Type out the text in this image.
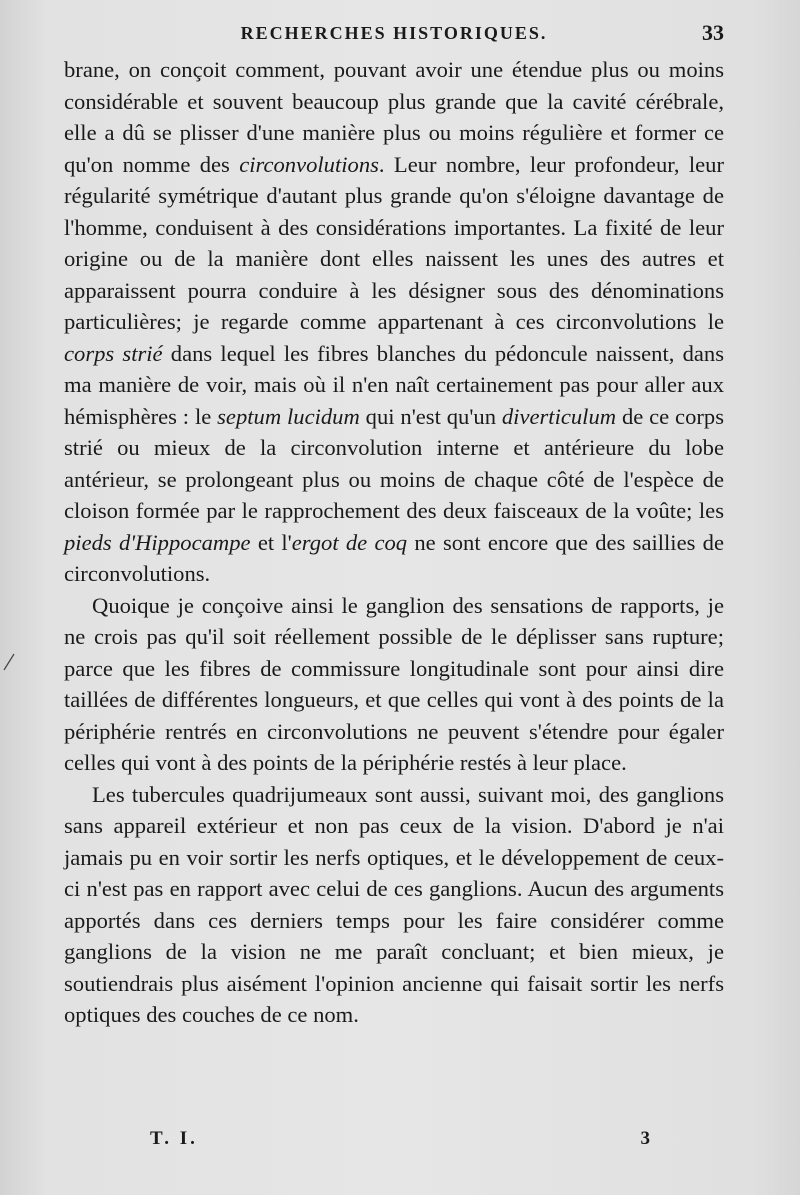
RECHERCHES HISTORIQUES.	33

brane, on conçoit comment, pouvant avoir une étendue plus ou moins considérable et souvent beaucoup plus grande que la cavité cérébrale, elle a dû se plisser d'une manière plus ou moins régulière et former ce qu'on nomme des circonvolutions. Leur nombre, leur profondeur, leur régularité symétrique d'autant plus grande qu'on s'éloigne davantage de l'homme, conduisent à des considérations importantes. La fixité de leur origine ou de la manière dont elles naissent les unes des autres et apparaissent pourra conduire à les désigner sous des dénominations particulières; je regarde comme appartenant à ces circonvolutions le corps strié dans lequel les fibres blanches du pédoncule naissent, dans ma manière de voir, mais où il n'en naît certainement pas pour aller aux hémisphères : le septum lucidum qui n'est qu'un diverticulum de ce corps strié ou mieux de la circonvolution interne et antérieure du lobe antérieur, se prolongeant plus ou moins de chaque côté de l'espèce de cloison formée par le rapprochement des deux faisceaux de la voûte; les pieds d'Hippocampe et l'ergot de coq ne sont encore que des saillies de circonvolutions.

Quoique je conçoive ainsi le ganglion des sensations de rapports, je ne crois pas qu'il soit réellement possible de le déplisser sans rupture; parce que les fibres de commissure longitudinale sont pour ainsi dire taillées de différentes longueurs, et que celles qui vont à des points de la périphérie rentrés en circonvolutions ne peuvent s'étendre pour égaler celles qui vont à des points de la périphérie restés à leur place.

Les tubercules quadrijumeaux sont aussi, suivant moi, des ganglions sans appareil extérieur et non pas ceux de la vision. D'abord je n'ai jamais pu en voir sortir les nerfs optiques, et le développement de ceux-ci n'est pas en rapport avec celui de ces ganglions. Aucun des arguments apportés dans ces derniers temps pour les faire considérer comme ganglions de la vision ne me paraît concluant; et bien mieux, je soutiendrais plus aisément l'opinion ancienne qui faisait sortir les nerfs optiques des couches de ce nom.

T. I.	3
